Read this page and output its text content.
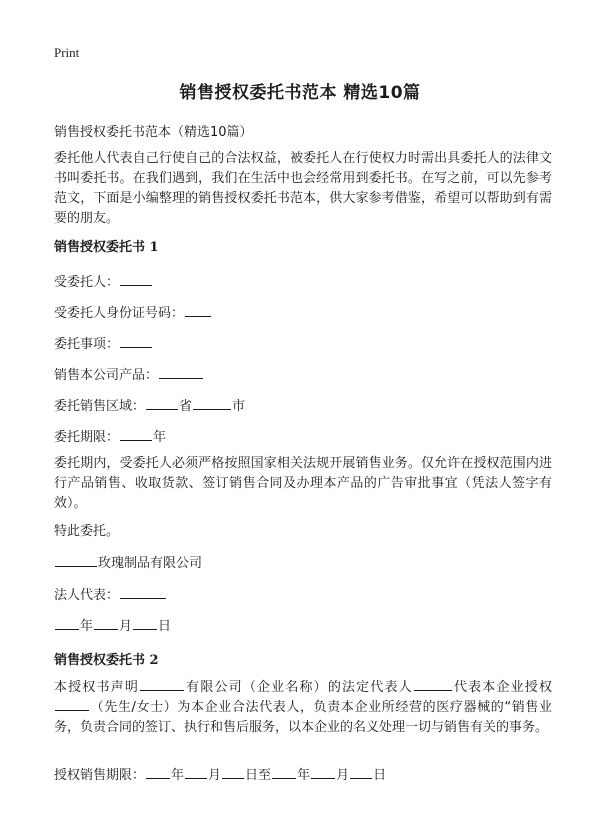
Print
销售授权委托书范本 精选10篇
销售授权委托书范本（精选10篇）
委托他人代表自己行使自己的合法权益，被委托人在行使权力时需出具委托人的法律文书叫委托书。在我们遇到，我们在生活中也会经常用到委托书。在写之前，可以先参考范文，下面是小编整理的销售授权委托书范本，供大家参考借鉴，希望可以帮助到有需要的朋友。
销售授权委托书 1
受委托人：
受委托人身份证号码：
委托事项：
销售本公司产品：
委托销售区域：	省	市
委托期限：	年
委托期内，受委托人必须严格按照国家相关法规开展销售业务。仅允许在授权范围内进行产品销售、收取货款、签订销售合同及办理本产品的广告审批事宜（凭法人签字有效）。
特此委托。
玫瑰制品有限公司
法人代表：
年 月 日
销售授权委托书 2
本授权书声明	有限公司（企业名称）的法定代表人	代表本企业授权（先生/女士）为本企业合法代表人，负责本企业所经营的医疗器械的“销售业务，负责合同的签订、执行和售后服务，以本企业的名义处理一切与销售有关的事务。
授权销售期限： 年 月 日至 年 月 日
